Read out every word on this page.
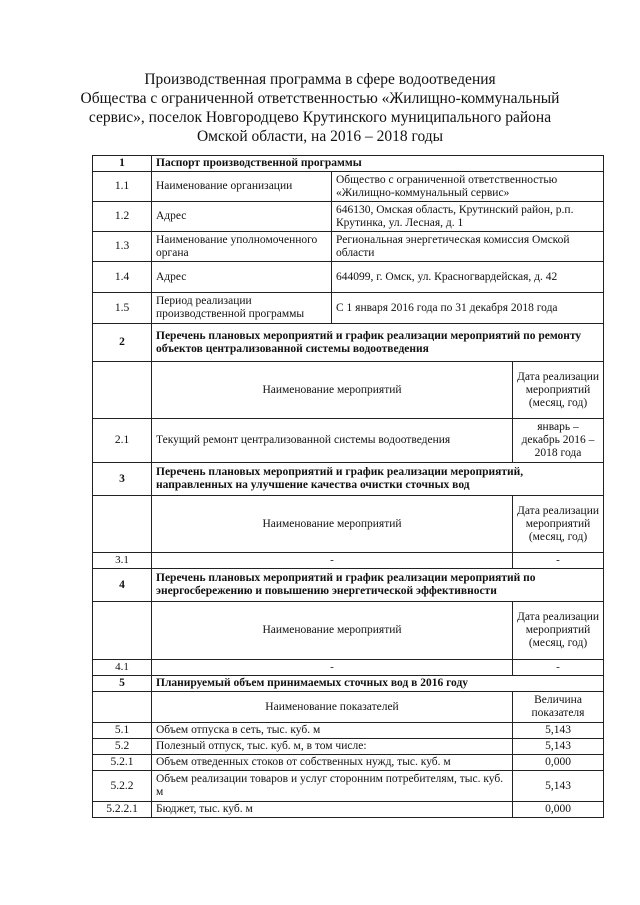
Производственная программа в сфере водоотведения
Общества с ограниченной ответственностью «Жилищно-коммунальный
сервис», поселок Новгородцево Крутинского муниципального района
Омской области, на 2016 – 2018 годы
1	Паспорт производственной программы		
1.1	Наименование организации	Общество с ограниченной ответственностью «Жилищно-коммунальный сервис»	
1.2	Адрес	646130, Омская область, Крутинский район, р.п. Крутинка, ул. Лесная, д. 1	
1.3	Наименование уполномоченного органа	Региональная энергетическая комиссия Омской области	
1.4	Адрес	644099, г. Омск, ул. Красногвардейская, д. 42	
1.5	Период реализации производственной программы	С 1 января 2016 года по 31 декабря 2018 года	
2	Перечень плановых мероприятий и график реализации мероприятий по ремонту объектов централизованной системы водоотведения		
	Наименование мероприятий		Дата реализации мероприятий (месяц, год)
2.1	Текущий ремонт централизованной системы водоотведения		январь – декабрь 2016 – 2018 года
3	Перечень плановых мероприятий и график реализации мероприятий, направленных на улучшение качества очистки сточных вод		
	Наименование мероприятий		Дата реализации мероприятий (месяц, год)
3.1	-		-
4	Перечень плановых мероприятий и график реализации мероприятий по энергосбережению и повышению энергетической эффективности		
	Наименование мероприятий		Дата реализации мероприятий (месяц, год)
4.1	-		-
5	Планируемый объем принимаемых сточных вод в 2016 году		
	Наименование показателей		Величина показателя
5.1	Объем отпуска в сеть, тыс. куб. м		5,143
5.2	Полезный отпуск, тыс. куб. м, в том числе:		5,143
5.2.1	Объем отведенных стоков от собственных нужд, тыс. куб. м		0,000
5.2.2	Объем реализации товаров и услуг сторонним потребителям, тыс. куб. м		5,143
5.2.2.1	Бюджет, тыс. куб. м		0,000
